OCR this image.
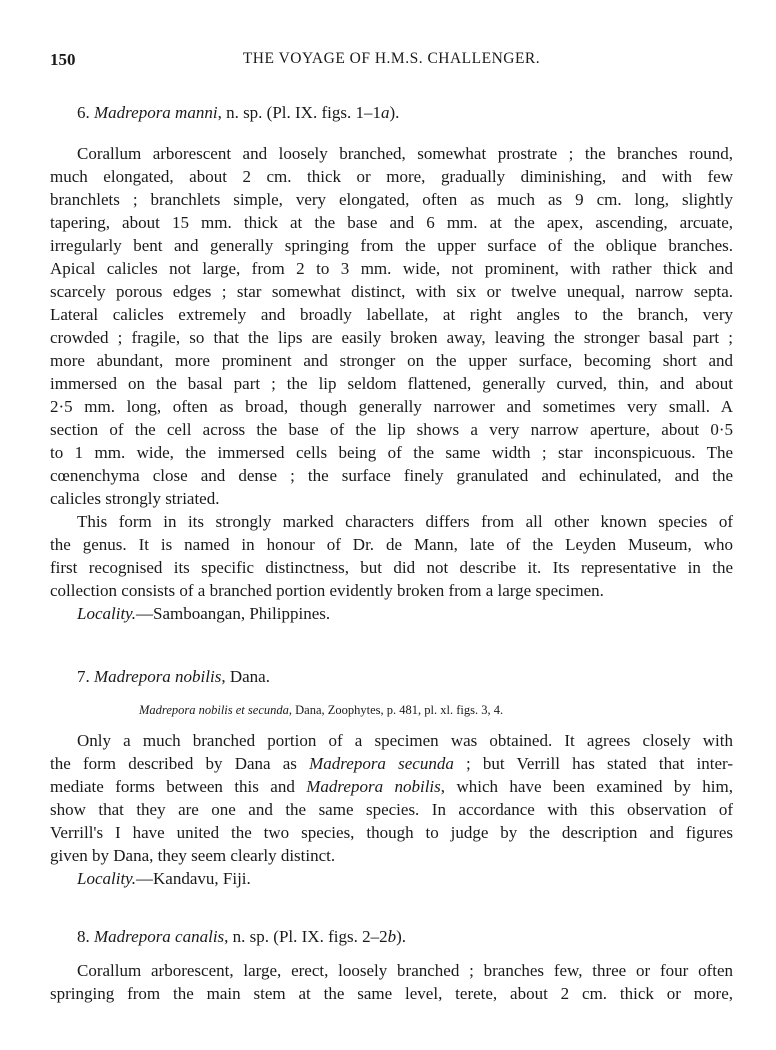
150	THE VOYAGE OF H.M.S. CHALLENGER.
6. Madrepora manni, n. sp. (Pl. IX. figs. 1–1a).
Corallum arborescent and loosely branched, somewhat prostrate ; the branches round,
much elongated, about 2 cm. thick or more, gradually diminishing, and with few
branchlets ; branchlets simple, very elongated, often as much as 9 cm. long, slightly
tapering, about 15 mm. thick at the base and 6 mm. at the apex, ascending, arcuate,
irregularly bent and generally springing from the upper surface of the oblique branches.
Apical calicles not large, from 2 to 3 mm. wide, not prominent, with rather thick and
scarcely porous edges ; star somewhat distinct, with six or twelve unequal, narrow septa.
Lateral calicles extremely and broadly labellate, at right angles to the branch, very
crowded ; fragile, so that the lips are easily broken away, leaving the stronger basal part ;
more abundant, more prominent and stronger on the upper surface, becoming short and
immersed on the basal part ; the lip seldom flattened, generally curved, thin, and about
2·5 mm. long, often as broad, though generally narrower and sometimes very small. A
section of the cell across the base of the lip shows a very narrow aperture, about 0·5
to 1 mm. wide, the immersed cells being of the same width ; star inconspicuous. The
cœnenchyma close and dense ; the surface finely granulated and echinulated, and the
calicles strongly striated.
This form in its strongly marked characters differs from all other known species of
the genus. It is named in honour of Dr. de Mann, late of the Leyden Museum, who
first recognised its specific distinctness, but did not describe it. Its representative in the
collection consists of a branched portion evidently broken from a large specimen.
Locality.—Samboangan, Philippines.
7. Madrepora nobilis, Dana.
Madrepora nobilis et secunda, Dana, Zoophytes, p. 481, pl. xl. figs. 3, 4.
Only a much branched portion of a specimen was obtained. It agrees closely with
the form described by Dana as Madrepora secunda ; but Verrill has stated that inter-
mediate forms between this and Madrepora nobilis, which have been examined by him,
show that they are one and the same species. In accordance with this observation of
Verrill's I have united the two species, though to judge by the description and figures
given by Dana, they seem clearly distinct.
Locality.—Kandavu, Fiji.
8. Madrepora canalis, n. sp. (Pl. IX. figs. 2–2b).
Corallum arborescent, large, erect, loosely branched ; branches few, three or four often
springing from the main stem at the same level, terete, about 2 cm. thick or more,
